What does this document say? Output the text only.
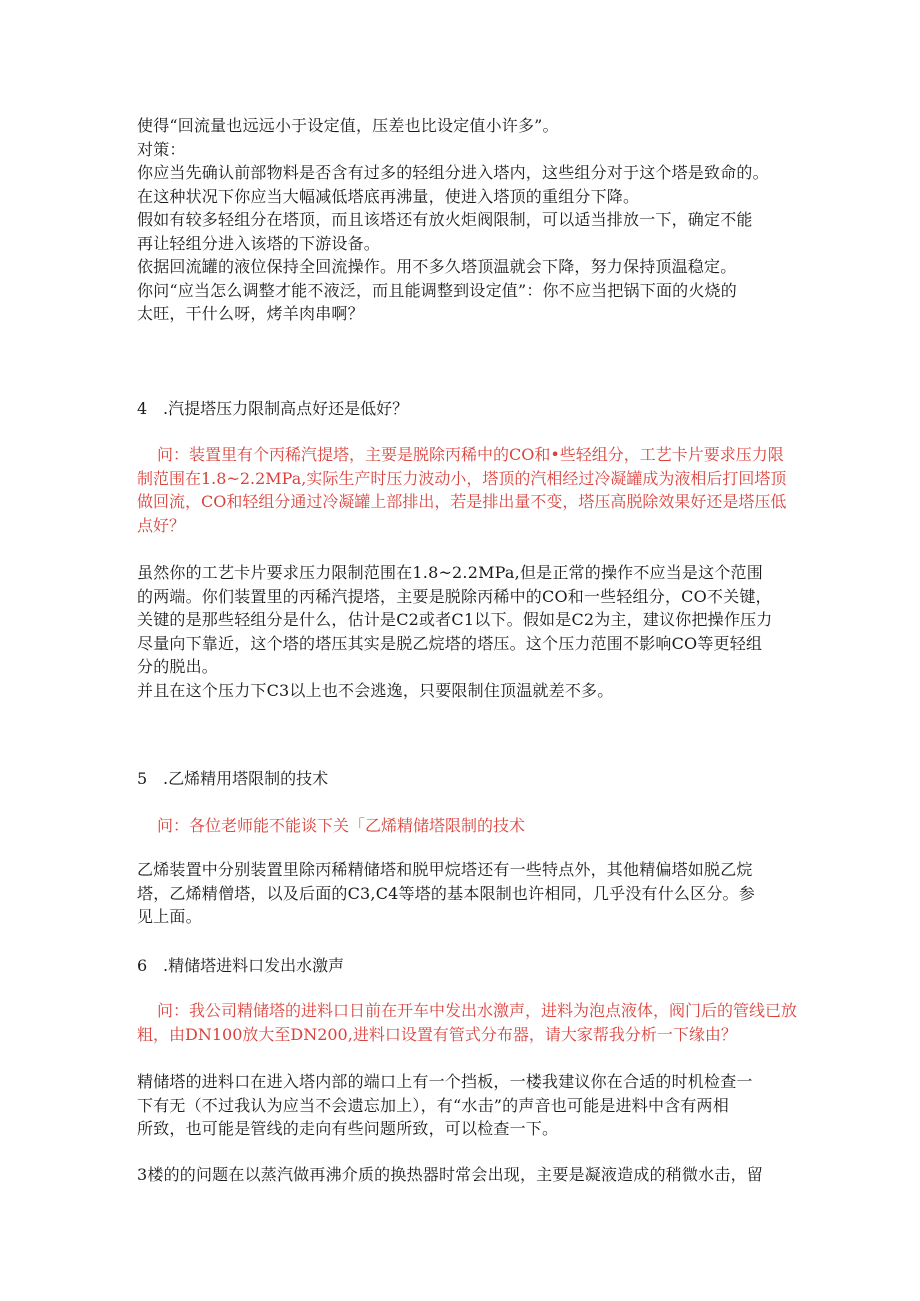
使得“回流量也远远小于设定值，压差也比设定值小许多”。

对策：

你应当先确认前部物料是否含有过多的轻组分进入塔内，这些组分对于这个塔是致命的。

在这种状况下你应当大幅减低塔底再沸量，使进入塔顶的重组分下降。

假如有较多轻组分在塔顶，而且该塔还有放火炬阀限制，可以适当排放一下，确定不能

再让轻组分进入该塔的下游设备。

依据回流罐的液位保持全回流操作。用不多久塔顶温就会下降，努力保持顶温稳定。

你问“应当怎么调整才能不液泛，而且能调整到设定值”：你不应当把锅下面的火烧的

太旺，干什么呀，烤羊肉串啊？

4 .汽提塔压力限制高点好还是低好？

问：装置里有个丙稀汽提塔，主要是脱除丙稀中的CO和•些轻组分，工艺卡片要求压力限制范围在1.8~2.2MPa,实际生产时压力波动小，塔顶的汽相经过冷凝罐成为液相后打回塔顶做回流，CO和轻组分通过冷凝罐上部排出，若是排出量不变，塔压高脱除效果好还是塔压低点好？

虽然你的工艺卡片要求压力限制范围在1.8~2.2MPa,但是正常的操作不应当是这个范围

的两端。你们装置里的丙稀汽提塔，主要是脱除丙稀中的CO和一些轻组分，CO不关键，

关键的是那些轻组分是什么，估计是C2或者C1以下。假如是C2为主，建议你把操作压力

尽量向下靠近，这个塔的塔压其实是脱乙烷塔的塔压。这个压力范围不影响CO等更轻组

分的脱出。

并且在这个压力下C3以上也不会逃逸，只要限制住顶温就差不多。

5 .乙烯精用塔限制的技术

问：各位老师能不能谈下关「乙烯精储塔限制的技术

乙烯装置中分别装置里除丙稀精储塔和脱甲烷塔还有一些特点外，其他精偏塔如脱乙烷

塔，乙烯精僧塔，以及后面的C3,C4等塔的基本限制也许相同，几乎没有什么区分。参

见上面。

6 .精储塔进料口发出水激声

问：我公司精储塔的进料口日前在开车中发出水激声，进料为泡点液体，阀门后的管线已放粗，由DN100放大至DN200,进料口设置有管式分布器，请大家帮我分析一下缘由？

精储塔的进料口在进入塔内部的端口上有一个挡板，一楼我建议你在合适的时机检查一

下有无（不过我认为应当不会遗忘加上），有“水击”的声音也可能是进料中含有两相

所致，也可能是管线的走向有些问题所致，可以检查一下。

3楼的的问题在以蒸汽做再沸介质的换热器时常会出现，主要是凝液造成的稍微水击，留
